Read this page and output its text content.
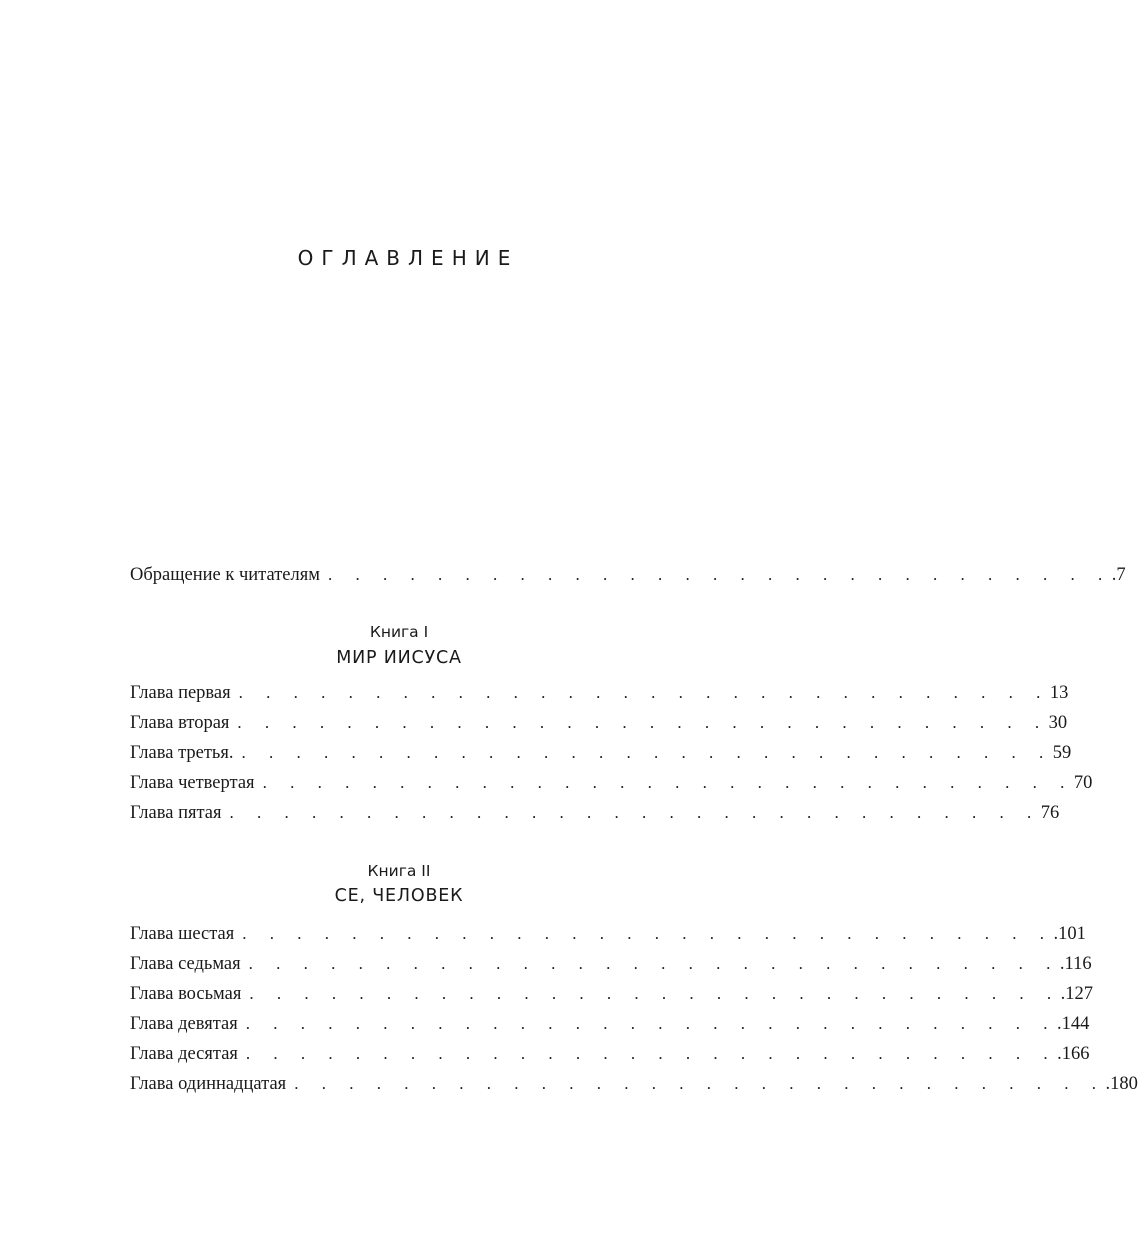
ОГЛАВЛЕНИЕ
Обращение к читателям . . . . . . . . . . . . . . . . . . . . . . . . . . . . . .7
Книга I
МИР ИИСУСА
Глава первая . . . . . . . . . . . . . . . . . . . . . . . . . . . . . . 13
Глава вторая . . . . . . . . . . . . . . . . . . . . . . . . . . . . . . 30
Глава третья. . . . . . . . . . . . . . . . . . . . . . . . . . . . . . . 59
Глава четвертая . . . . . . . . . . . . . . . . . . . . . . . . . . . . . . 70
Глава пятая . . . . . . . . . . . . . . . . . . . . . . . . . . . . . . 76
Книга II
СЕ, ЧЕЛОВЕК
Глава шестая . . . . . . . . . . . . . . . . . . . . . . . . . . . . . . .101
Глава седьмая . . . . . . . . . . . . . . . . . . . . . . . . . . . . . . .116
Глава восьмая . . . . . . . . . . . . . . . . . . . . . . . . . . . . . . .127
Глава девятая . . . . . . . . . . . . . . . . . . . . . . . . . . . . . . .144
Глава десятая . . . . . . . . . . . . . . . . . . . . . . . . . . . . . . .166
Глава одиннадцатая . . . . . . . . . . . . . . . . . . . . . . . . . . . . . . .180
